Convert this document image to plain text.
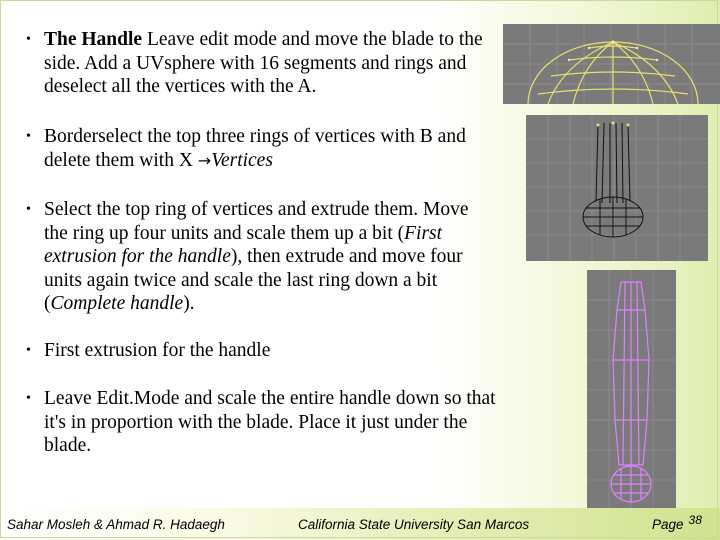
• The Handle Leave edit mode and move the blade to the side. Add a UVsphere with 16 segments and rings and deselect all the vertices with the A.
• Borderselect the top three rings of vertices with B and delete them with X →Vertices
• Select the top ring of vertices and extrude them. Move the ring up four units and scale them up a bit (First extrusion for the handle), then extrude and move four units again twice and scale the last ring down a bit (Complete handle).
• First extrusion for the handle
• Leave Edit.Mode and scale the entire handle down so that it's in proportion with the blade. Place it just under the blade.
Sahar Mosleh & Ahmad R. Hadaegh	California State University San Marcos	Page 38
